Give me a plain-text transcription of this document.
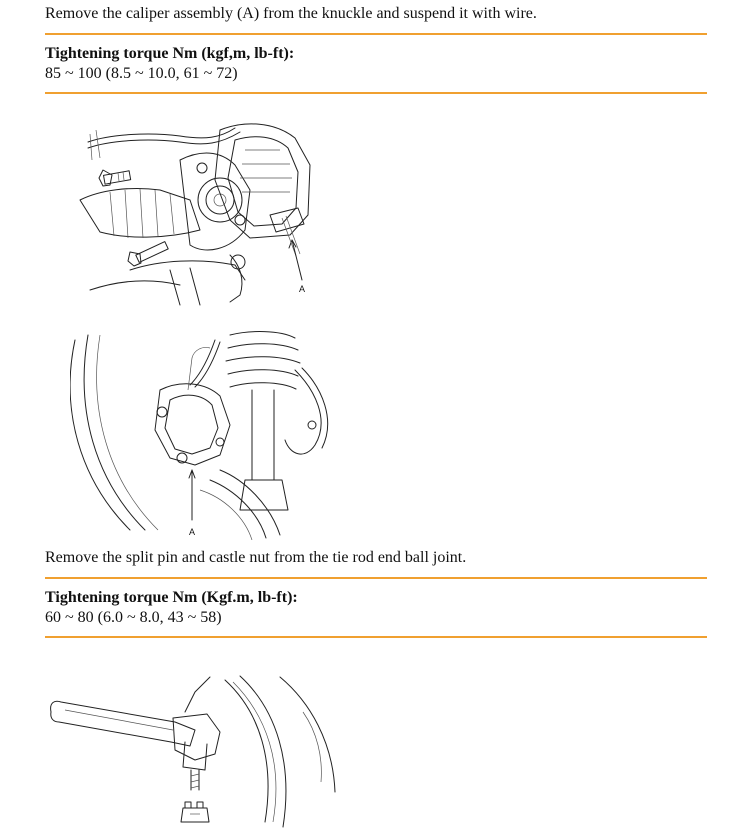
Remove the caliper assembly (A) from the knuckle and suspend it with wire.

Tightening torque Nm (kgf,m, lb-ft):
85 ~ 100 (8.5 ~ 10.0, 61 ~ 72)
A
A

Remove the split pin and castle nut from the tie rod end ball joint.

Tightening torque Nm (Kgf.m, lb-ft):
60 ~ 80 (6.0 ~ 8.0, 43 ~ 58)
